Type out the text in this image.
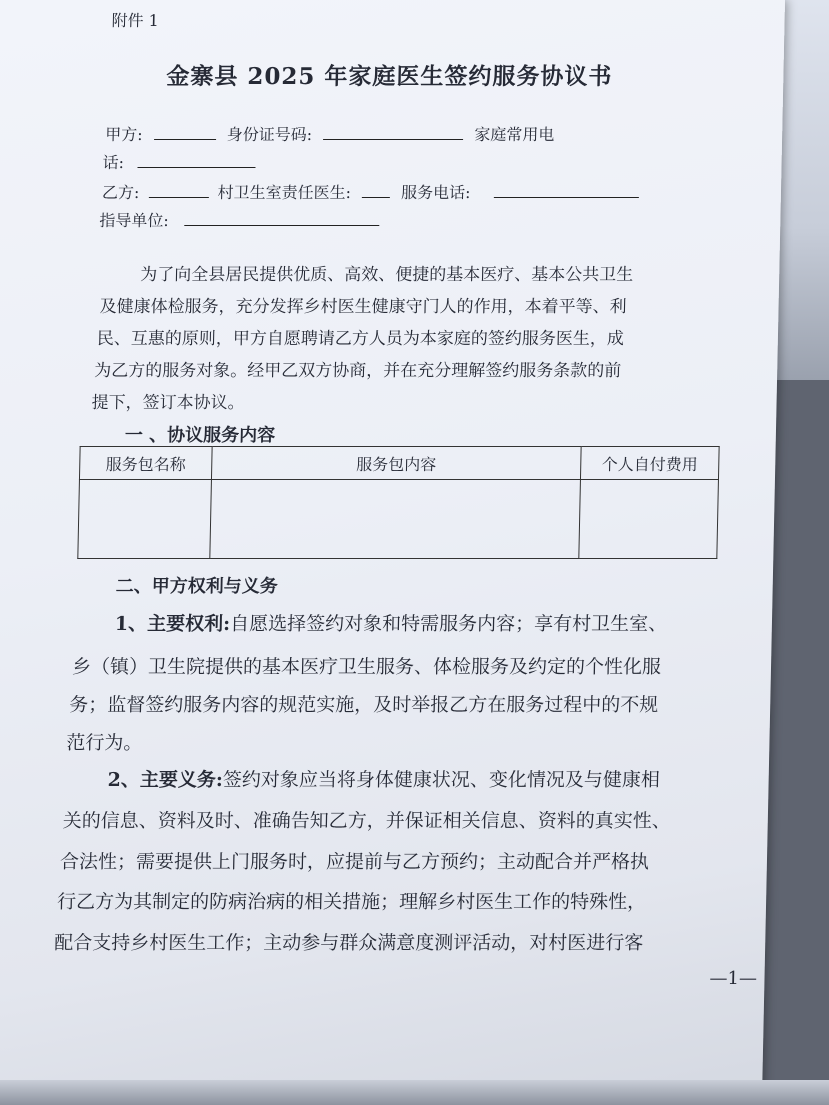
附件 1
金寨县 2025 年家庭医生签约服务协议书
甲方:	身份证号码:	家庭常用电
话:
乙方:	村卫生室责任医生:	服务电话:
指导单位:
为了向全县居民提供优质、高效、便捷的基本医疗、基本公共卫生
及健康体检服务，充分发挥乡村医生健康守门人的作用，本着平等、利
民、互惠的原则，甲方自愿聘请乙方人员为本家庭的签约服务医生，成
为乙方的服务对象。经甲乙双方协商，并在充分理解签约服务条款的前
提下，签订本协议。
一 、协议服务内容
服务包名称	服务包内容	个人自付费用

二、甲方权利与义务
1、主要权利:自愿选择签约对象和特需服务内容；享有村卫生室、
乡（镇）卫生院提供的基本医疗卫生服务、体检服务及约定的个性化服
务；监督签约服务内容的规范实施，及时举报乙方在服务过程中的不规
范行为。
2、主要义务:签约对象应当将身体健康状况、变化情况及与健康相
关的信息、资料及时、准确告知乙方，并保证相关信息、资料的真实性、
合法性；需要提供上门服务时，应提前与乙方预约；主动配合并严格执
行乙方为其制定的防病治病的相关措施；理解乡村医生工作的特殊性，
配合支持乡村医生工作；主动参与群众满意度测评活动，对村医进行客
—1—
